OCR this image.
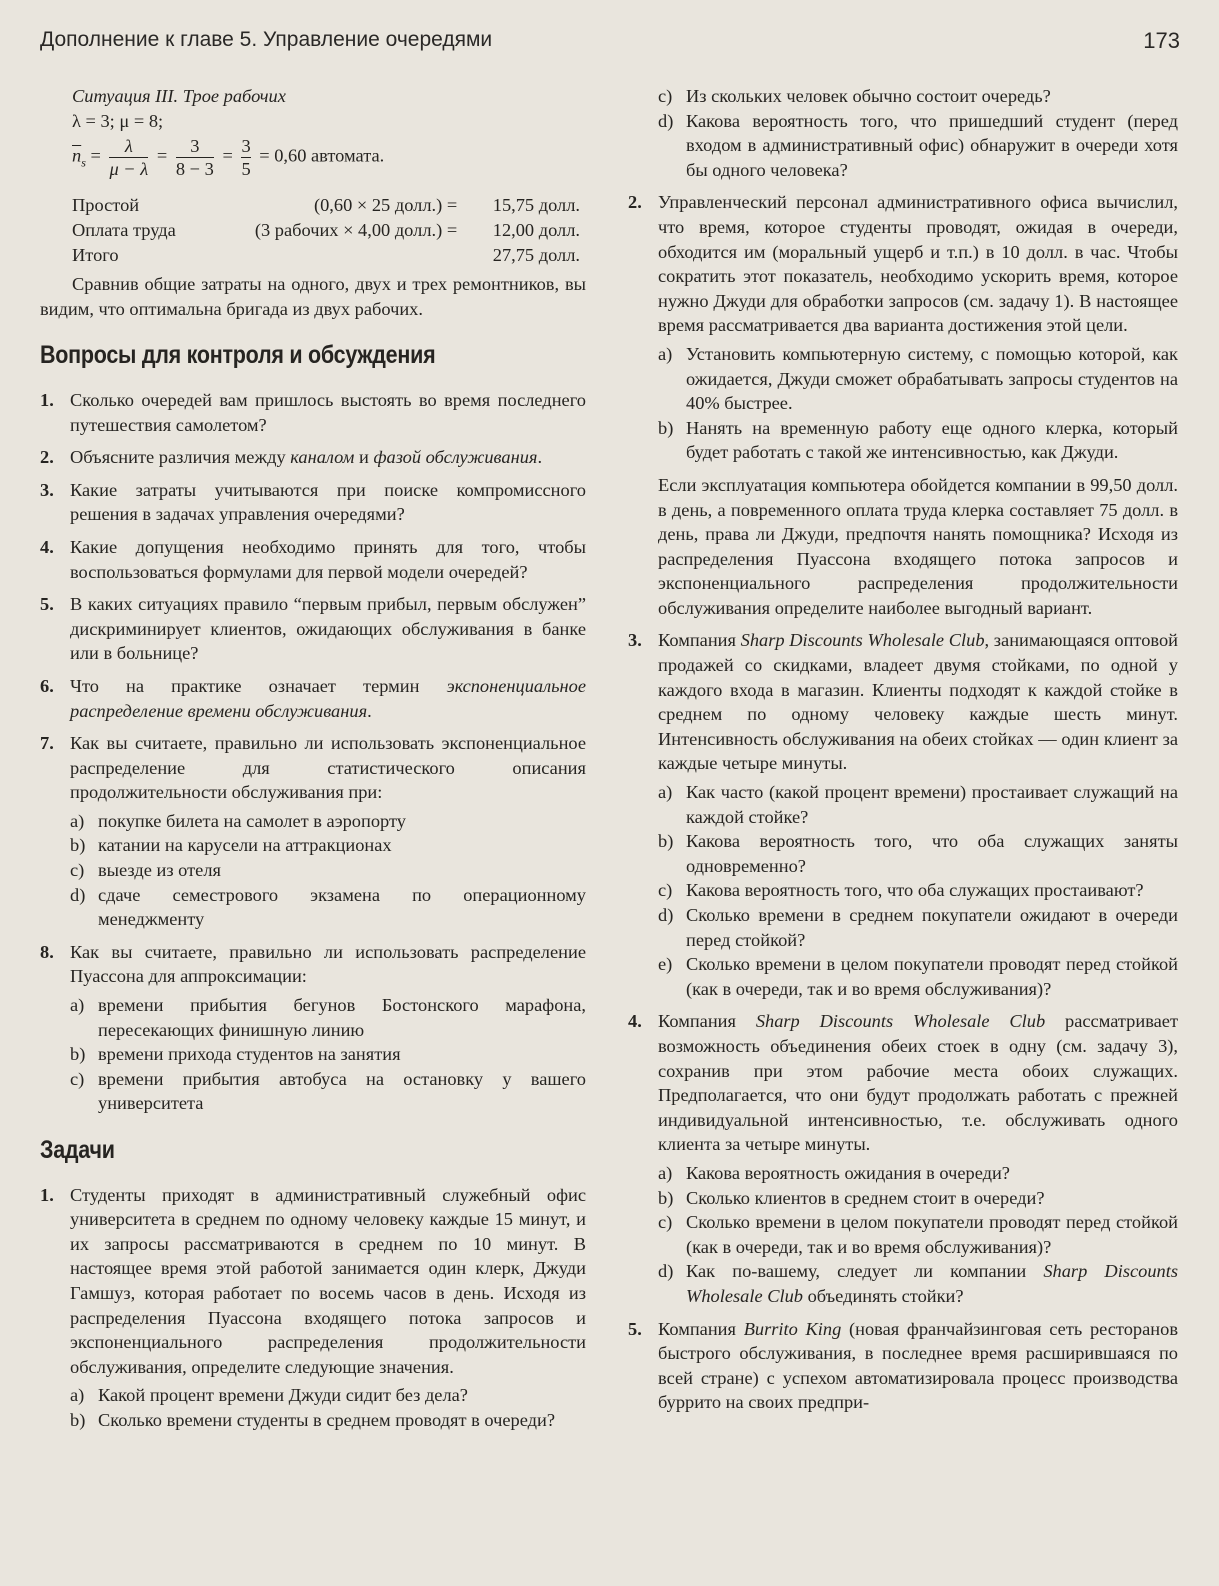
Дополнение к главе 5. Управление очередями	173

Ситуация III. Трое рабочих

λ = 3; μ = 8;

$\overline{n}_s = \frac{\lambda}{\mu - \lambda} = \frac{3}{8 - 3} = \frac{3}{5} = 0,60$ автомата.
Простой	(0,60 × 25 долл.) =	15,75 долл.
Оплата труда	(3 рабочих × 4,00 долл.) =	12,00 долл.
Итого		27,75 долл.

Сравнив общие затраты на одного, двух и трех ремонтников, вы видим, что оптимальна бригада из двух рабочих.

Вопросы для контроля и обсуждения
1. Сколько очередей вам пришлось выстоять во время последнего путешествия самолетом?
2. Объясните различия между каналом и фазой обслуживания.
3. Какие затраты учитываются при поиске компромиссного решения в задачах управления очередями?
4. Какие допущения необходимо принять для того, чтобы воспользоваться формулами для первой модели очередей?
5. В каких ситуациях правило “первым прибыл, первым обслужен” дискриминирует клиентов, ожидающих обслуживания в банке или в больнице?
6. Что на практике означает термин экспоненциальное распределение времени обслуживания.
7. Как вы считаете, правильно ли использовать экспоненциальное распределение для статистического описания продолжительности обслуживания при:
a) покупке билета на самолет в аэропорту
b) катании на карусели на аттракционах
c) выезде из отеля
d) сдаче семестрового экзамена по операционному менеджменту
8. Как вы считаете, правильно ли использовать распределение Пуассона для аппроксимации:
a) времени прибытия бегунов Бостонского марафона, пересекающих финишную линию
b) времени прихода студентов на занятия
c) времени прибытия автобуса на остановку у вашего университета
Задачи
1. Студенты приходят в административный служебный офис университета в среднем по одному человеку каждые 15 минут, и их запросы рассматриваются в среднем по 10 минут. В настоящее время этой работой занимается один клерк, Джуди Гамшуз, которая работает по восемь часов в день. Исходя из распределения Пуассона входящего потока запросов и экспоненциального распределения продолжительности обслуживания, определите следующие значения.
a) Какой процент времени Джуди сидит без дела?
b) Сколько времени студенты в среднем проводят в очереди?
c) Из скольких человек обычно состоит очередь?
d) Какова вероятность того, что пришедший студент (перед входом в административный офис) обнаружит в очереди хотя бы одного человека?
2. Управленческий персонал административного офиса вычислил, что время, которое студенты проводят, ожидая в очереди, обходится им (моральный ущерб и т.п.) в 10 долл. в час. Чтобы сократить этот показатель, необходимо ускорить время, которое нужно Джуди для обработки запросов (см. задачу 1). В настоящее время рассматривается два варианта достижения этой цели.
a) Установить компьютерную систему, с помощью которой, как ожидается, Джуди сможет обрабатывать запросы студентов на 40% быстрее.
b) Нанять на временную работу еще одного клерка, который будет работать с такой же интенсивностью, как Джуди.

Если эксплуатация компьютера обойдется компании в 99,50 долл. в день, а повременного оплата труда клерка составляет 75 долл. в день, права ли Джуди, предпочтя нанять помощника? Исходя из распределения Пуассона входящего потока запросов и экспоненциального распределения продолжительности обслуживания определите наиболее выгодный вариант.

3. Компания Sharp Discounts Wholesale Club, занимающаяся оптовой продажей со скидками, владеет двумя стойками, по одной у каждого входа в магазин. Клиенты подходят к каждой стойке в среднем по одному человеку каждые шесть минут. Интенсивность обслуживания на обеих стойках — один клиент за каждые четыре минуты.
a) Как часто (какой процент времени) простаивает служащий на каждой стойке?
b) Какова вероятность того, что оба служащих заняты одновременно?
c) Какова вероятность того, что оба служащих простаивают?
d) Сколько времени в среднем покупатели ожидают в очереди перед стойкой?
e) Сколько времени в целом покупатели проводят перед стойкой (как в очереди, так и во время обслуживания)?
4. Компания Sharp Discounts Wholesale Club рассматривает возможность объединения обеих стоек в одну (см. задачу 3), сохранив при этом рабочие места обоих служащих. Предполагается, что они будут продолжать работать с прежней индивидуальной интенсивностью, т.е. обслуживать одного клиента за четыре минуты.
a) Какова вероятность ожидания в очереди?
b) Сколько клиентов в среднем стоит в очереди?
c) Сколько времени в целом покупатели проводят перед стойкой (как в очереди, так и во время обслуживания)?
d) Как по-вашему, следует ли компании Sharp Discounts Wholesale Club объединять стойки?
5. Компания Burrito King (новая франчайзинговая сеть ресторанов быстрого обслуживания, в последнее время расширившаяся по всей стране) с успехом автоматизировала процесс производства буррито на своих предпри-
